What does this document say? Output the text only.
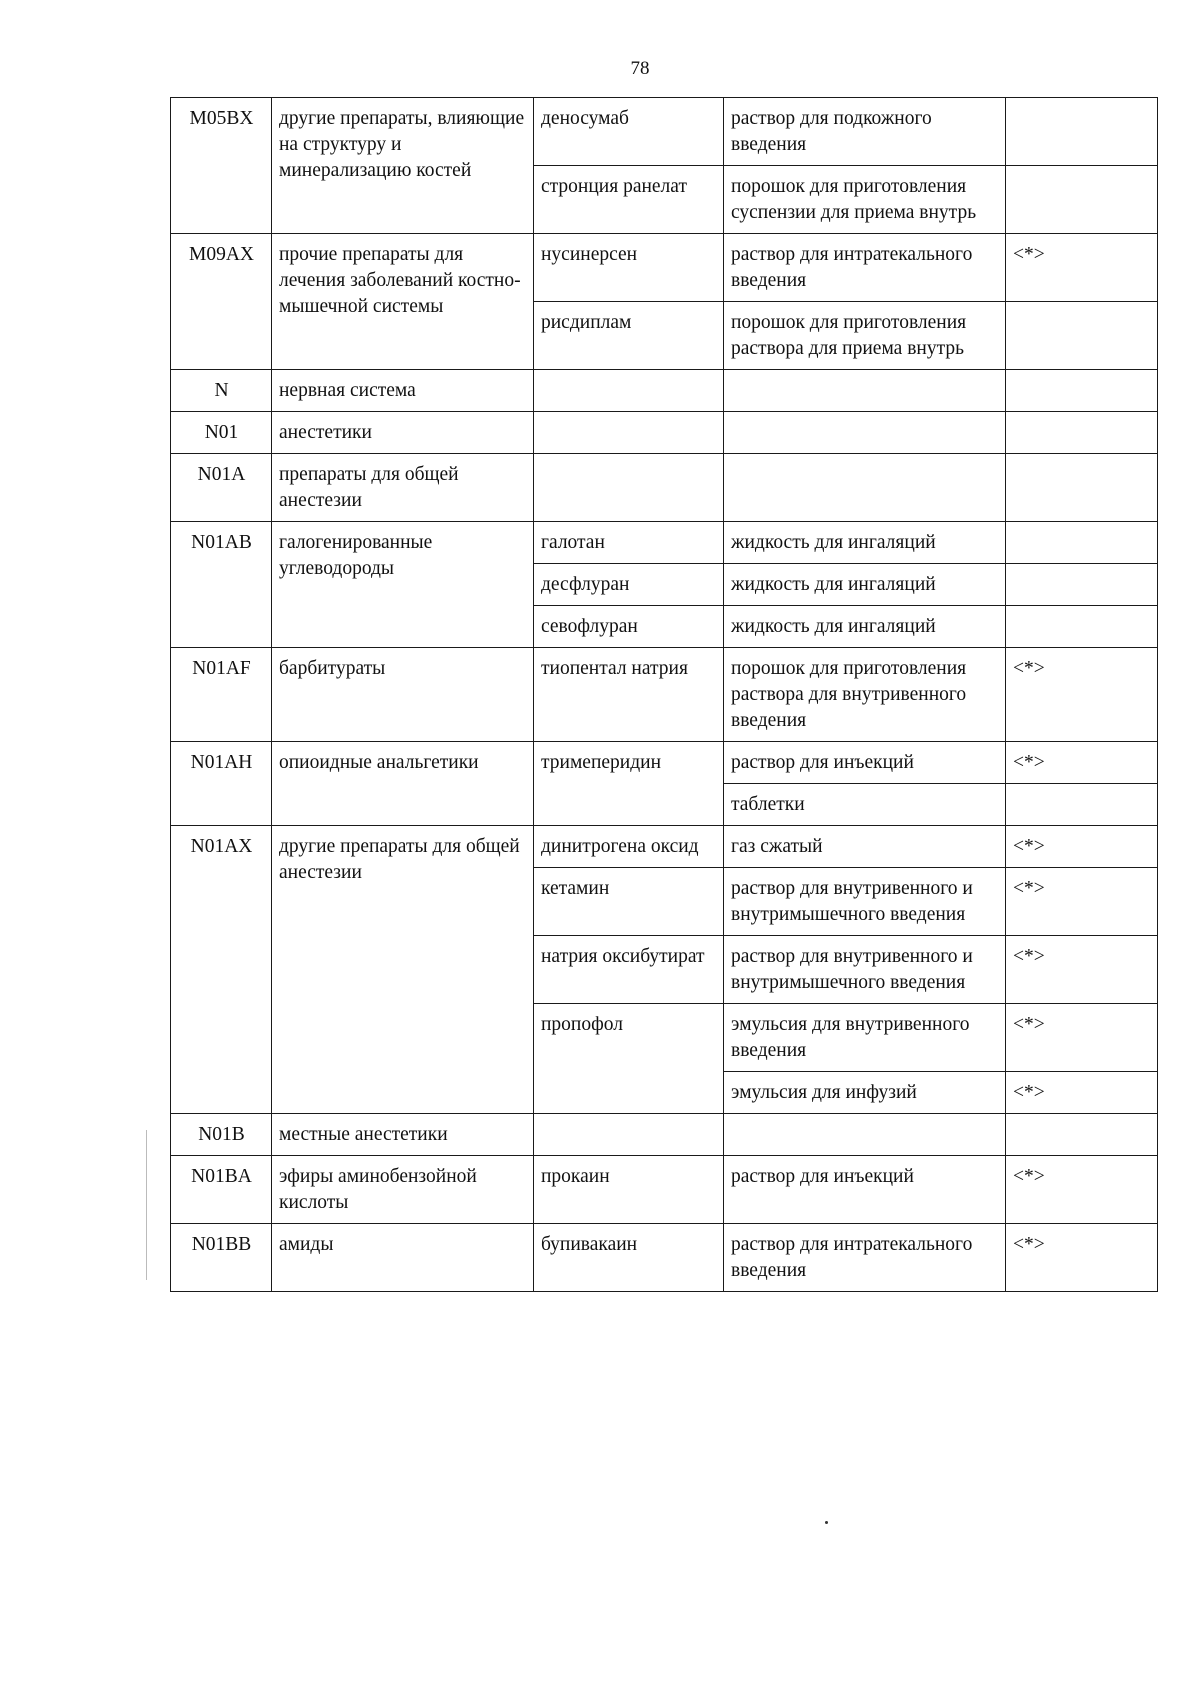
78
M05BX	другие препараты, влияющие на структуру и минерализацию костей	деносумаб	раствор для подкожного введения	
		стронция ранелат	порошок для приготовления суспензии для приема внутрь	
M09AX	прочие препараты для лечения заболеваний костно-мышечной системы	нусинерсен	раствор для интратекального введения	<*>
		рисдиплам	порошок для приготовления раствора для приема внутрь	
N	нервная система			
N01	анестетики			
N01A	препараты для общей анестезии			
N01AB	галогенированные углеводороды	галотан	жидкость для ингаляций	
		десфлуран	жидкость для ингаляций	
		севофлуран	жидкость для ингаляций	
N01AF	барбитураты	тиопентал натрия	порошок для приготовления раствора для внутривенного введения	<*>
N01AH	опиоидные анальгетики	тримеперидин	раствор для инъекций	<*>
			таблетки	
N01AX	другие препараты для общей анестезии	динитрогена оксид	газ сжатый	<*>
		кетамин	раствор для внутривенного и внутримышечного введения	<*>
		натрия оксибутират	раствор для внутривенного и внутримышечного введения	<*>
		пропофол	эмульсия для внутривенного введения	<*>
			эмульсия для инфузий	<*>
N01B	местные анестетики			
N01BA	эфиры аминобензойной кислоты	прокаин	раствор для инъекций	<*>
N01BB	амиды	бупивакаин	раствор для интратекального введения	<*>
